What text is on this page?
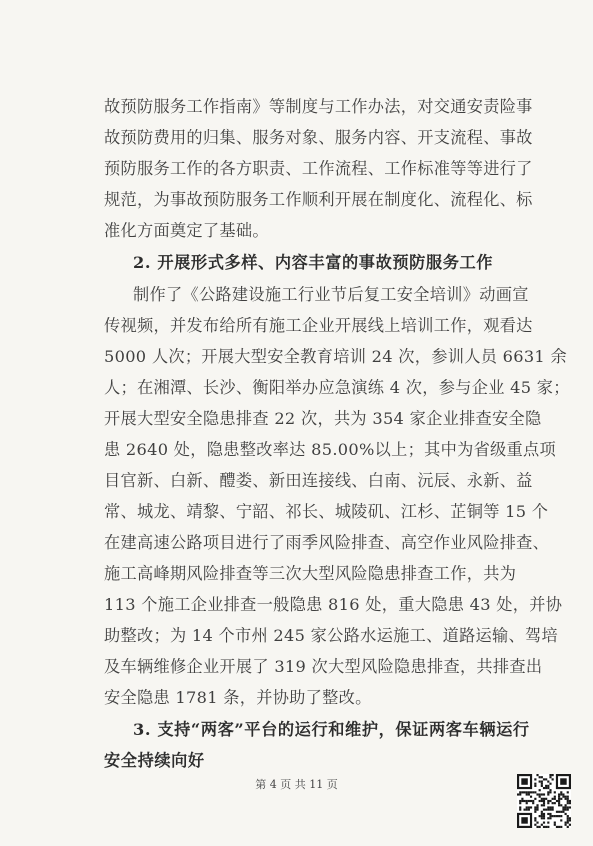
故预防服务工作指南》等制度与工作办法，对交通安责险事
故预防费用的归集、服务对象、服务内容、开支流程、事故
预防服务工作的各方职责、工作流程、工作标准等等进行了
规范，为事故预防服务工作顺利开展在制度化、流程化、标
准化方面奠定了基础。
2. 开展形式多样、内容丰富的事故预防服务工作
制作了《公路建设施工行业节后复工安全培训》动画宣
传视频，并发布给所有施工企业开展线上培训工作，观看达
5000 人次；开展大型安全教育培训 24 次，参训人员 6631 余
人；在湘潭、长沙、衡阳举办应急演练 4 次，参与企业 45 家；
开展大型安全隐患排查 22 次，共为 354 家企业排查安全隐
患 2640 处，隐患整改率达 85.00%以上；其中为省级重点项
目官新、白新、醴娄、新田连接线、白南、沅辰、永新、益
常、城龙、靖黎、宁韶、祁长、城陵矶、江杉、芷铜等 15 个
在建高速公路项目进行了雨季风险排查、高空作业风险排查、
施工高峰期风险排查等三次大型风险隐患排查工作，共为
113 个施工企业排查一般隐患 816 处，重大隐患 43 处，并协
助整改；为 14 个市州 245 家公路水运施工、道路运输、驾培
及车辆维修企业开展了 319 次大型风险隐患排查，共排查出
安全隐患 1781 条，并协助了整改。
3. 支持“两客”平台的运行和维护，保证两客车辆运行
安全持续向好
第 4 页 共 11 页
